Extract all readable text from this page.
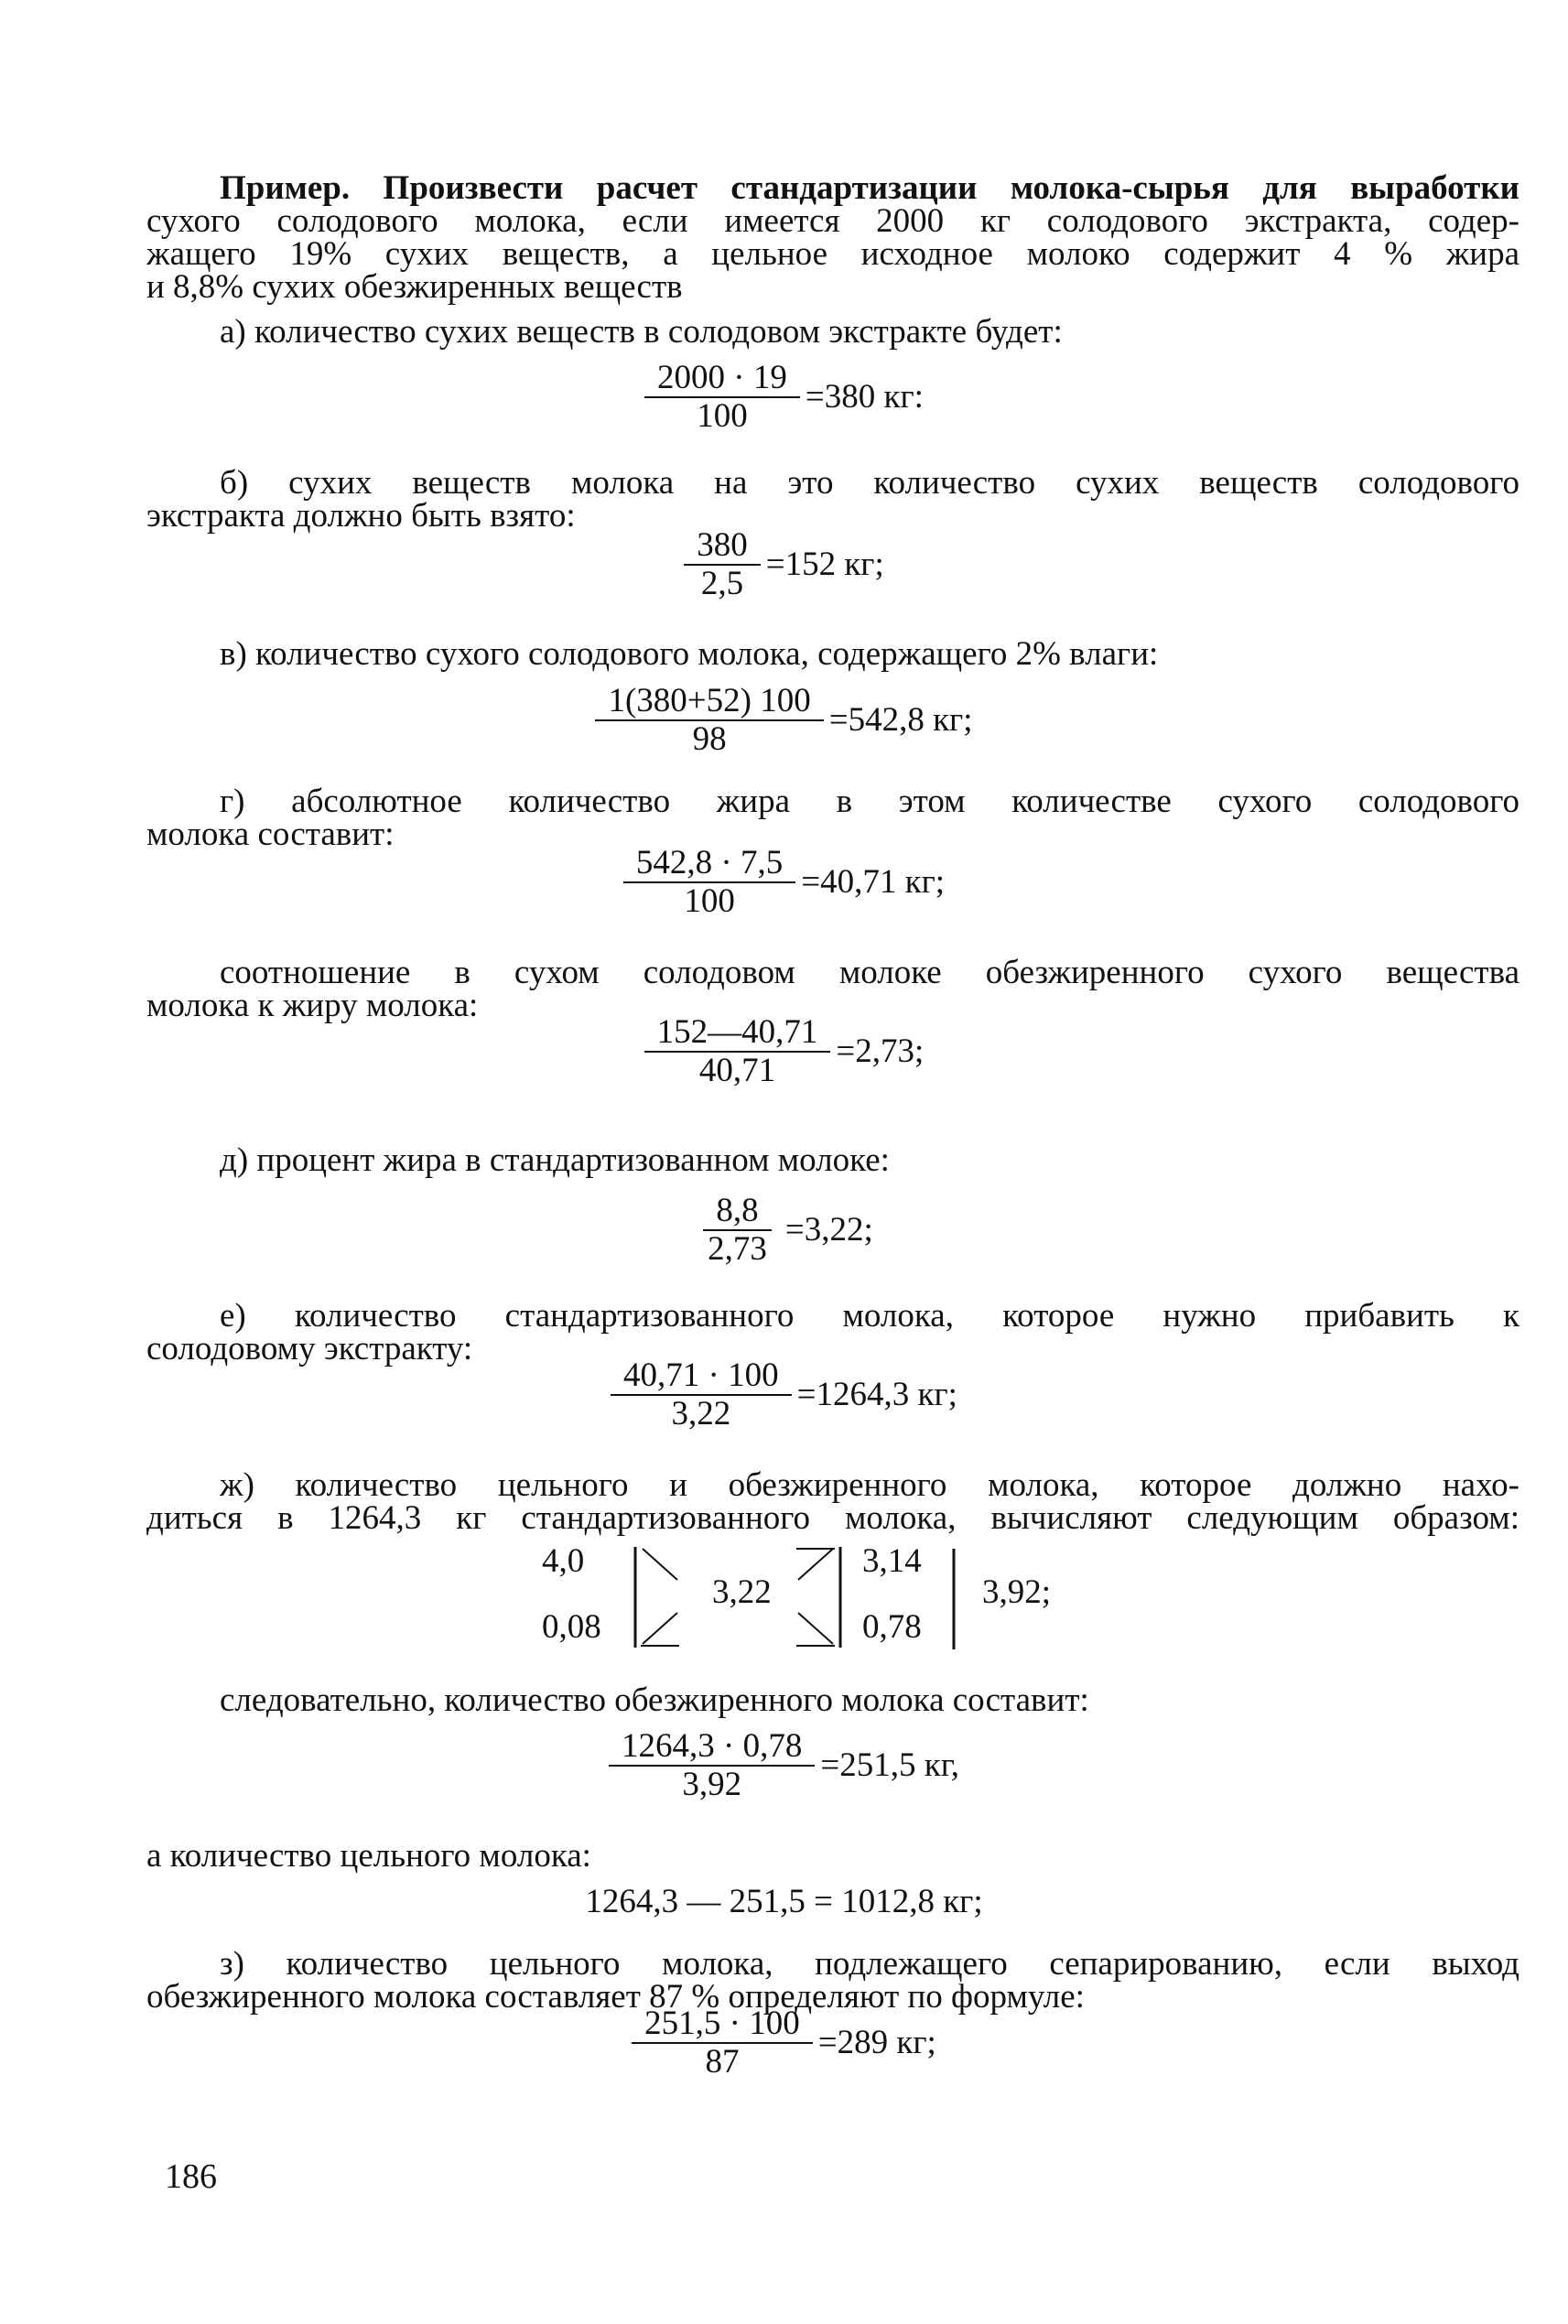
Пример. Произвести расчет стандартизации молока-сырья для выработки
сухого солодового молока, если имеется 2000 кг солодового экстракта, содер-
жащего 19% сухих веществ, а цельное исходное молоко содержит 4 % жира
и 8,8% сухих обезжиренных веществ
а) количество сухих веществ в солодовом экстракте будет:
$\frac{2000 \cdot 19}{100} =380$ кг:
б) сухих веществ молока на это количество сухих веществ солодового
экстракта должно быть взято:
$\frac{380}{2,5} =152$ кг;
в) количество сухого солодового молока, содержащего 2% влаги:
$\frac{1(380+52) 100}{98} =542,8$ кг;
г) абсолютное количество жира в этом количестве сухого солодового
молока составит:
$\frac{542,8 \cdot 7,5}{100} =40,71$ кг;
соотношение в сухом солодовом молоке обезжиренного сухого вещества
молока к жиру молока:
$\frac{152—40,71}{40,71} =2,73$;
д) процент жира в стандартизованном молоке:
$\frac{8,8}{2,73} =3,22$;
е) количество стандартизованного молока, которое нужно прибавить к
солодовому экстракту:
$\frac{40,71 \cdot 100}{3,22} =1264,3$ кг;
ж) количество цельного и обезжиренного молока, которое должно нахо-
диться в 1264,3 кг стандартизованного молока, вычисляют следующим образом:
4,0
0,08
3,22
3,14
0,78
3,92;
следовательно, количество обезжиренного молока составит:
$\frac{1264,3 \cdot 0,78}{3,92} =251,5$ кг,
а количество цельного молока:
1264,3 — 251,5 = 1012,8 кг;
з) количество цельного молока, подлежащего сепарированию, если выход
обезжиренного молока составляет 87 % определяют по формуле:
$\frac{251,5 \cdot 100}{87} =289$ кг;
186
